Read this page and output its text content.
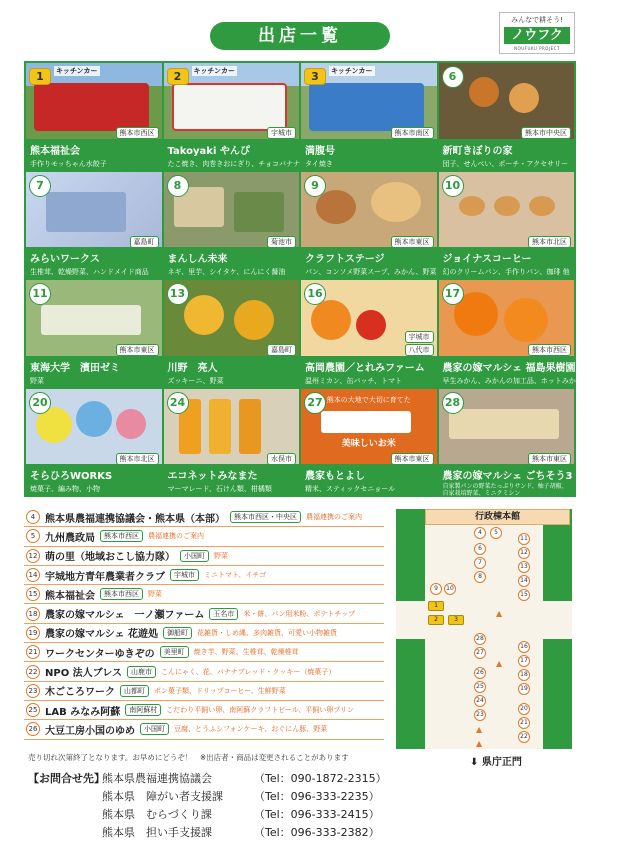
出店一覧
みんなで耕そう!
ノウフク
NOUFUKU PROJECT
1	キッチンカー
熊本市西区
熊本福祉会
手作りモッちゃん水餃子
2	キッチンカー
宇城市
Takoyaki やんぴ
たこ焼き、肉巻きおにぎり、チョコバナナ
3	キッチンカー
熊本市南区
満腹号
タイ焼き
6
熊本市中央区
新町きぼりの家
団子、せんべい、ポーチ・アクセサリー
7
嘉島町
みらいワークス
生椎茸、乾燥野菜、ハンドメイド商品
8
菊池市
まんしん未来
ネギ、里芋、シイタケ、にんにく醤油
9
熊本市東区
クラフトステージ
パン、コンソメ野菜スープ、みかん、野菜
10
熊本市北区
ジョイナスコーヒー
幻のクリームパン、手作りパン、珈琲 他
11
熊本市東区
東海大学　濱田ゼミ
野菜
13
嘉島町
川野　亮人
ズッキーニ、野菜
16
宇城市
八代市
高岡農園／とれみファーム
温州ミカン、缶バッチ、トマト
17
熊本市西区
農家の嫁マルシェ 福島果樹園
早生みかん、みかんの加工品、ホットみかんジンジャー
20
熊本市北区
そらひろWORKS
焼菓子、編み物、小物
24
水俣市
エコネットみなまた
マーマレード、石けん類、柑橘類
熊本の大地で大切に育てた
美味しいお米
27
熊本市東区
農家もとよし
精米、スティックセニョール
28
熊本市東区
農家の嫁マルシェ ごちそう3
自家製パンの野菜たっぷりサンド、柚子胡椒、自家栽培野菜、ミニクミシン
4 熊本県農福連携協議会・熊本県（本部）	熊本市西区・中央区	農福連携のご案内
5 九州農政局	熊本市西区	農福連携のご案内
12 萌の里（地域おこし協力隊）	小国町	野菜
14 宇城地方青年農業者クラブ	宇城市	ミニトマト、イチゴ
15 熊本福祉会	熊本市西区	野菜
18 農家の嫁マルシェ　一ノ瀬ファーム	玉名市	米・餅、パン用米粉、ポテトチップ
19 農家の嫁マルシェ 花遊処	御船町	花雑貨・しめ縄、多肉雑貨、可愛い小物雑貨
21 ワークセンターゆきぞの	美里町	焼き芋、野菜、生椎茸、乾燥椎茸
22 NPO 法人ブレス	山鹿市	こんにゃく、花、バナナブレッド・クッキー（焼菓子）
23 木ごころワーク	山都町	ポン菓子類、ドリップコーヒー、生鮮野菜
25 LAB みなみ阿蘇	南阿蘇村	こだわり平飼い卵、南阿蘇クラフトビール、平飼い卵プリン
26 大豆工房小国のゆめ	小国町	豆腐、とうふシフォンケーキ、おぐにん豚、野菜
売り切れ次第終了となります。お早めにどうぞ！　※出店者・商品は変更されることがあります
行政棟本館
4	5
6
7
8
9	10
11
12
13
14
15
16
17
18
19
20
21
22
23
24
25
26
27
28
▲
▲
▲
▲
1
2	3
⬇ 県庁正門
【お問合せ先】熊本県農福連携協議会	（Tel：090-1872-2315）
熊本県　障がい者支援課	（Tel：096-333-2235）
熊本県　むらづくり課	（Tel：096-333-2415）
熊本県　担い手支援課	（Tel：096-333-2382）
